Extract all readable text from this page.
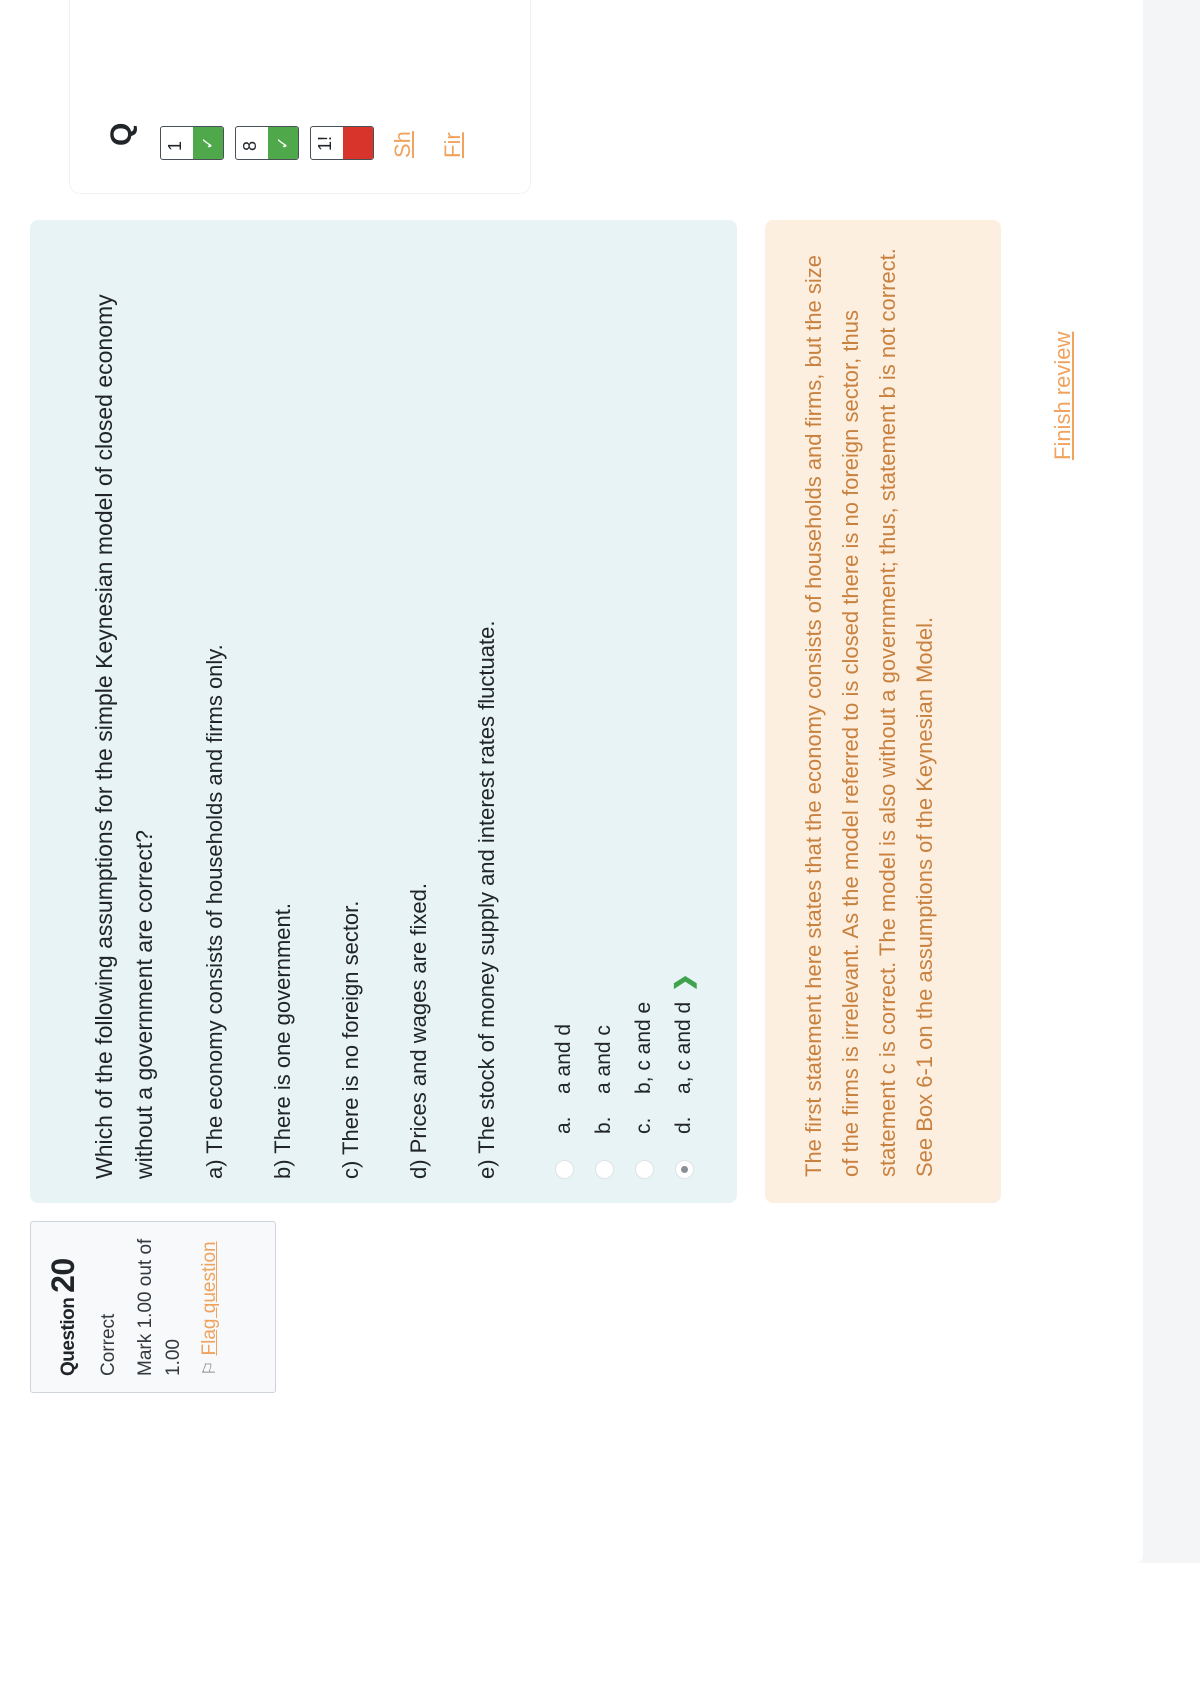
Question 20
Correct Mark 1.00 out of 1.00 ⚐ Flag question
Which of the following assumptions for the simple Keynesian model of closed economy without a government are correct?	a) The economy consists of households and firms only. b) There is one government. c) There is no foreign sector. d) Prices and wages are fixed. e) The stock of money supply and interest rates fluctuate.	a.
a and d
b.
a and c
c.
b, c and e
d.
a, c and d
❯	The first statement here states that the economy consists of households and firms, but the size of the firms is irrelevant. As the model referred to is closed there is no foreign sector, thus statement c is correct. The model is also without a government; thus, statement b is not correct. See Box 6-1 on the assumptions of the Keynesian Model.
Finish review
Q 1 ✓	8 ✓	1!	Sh Fir
